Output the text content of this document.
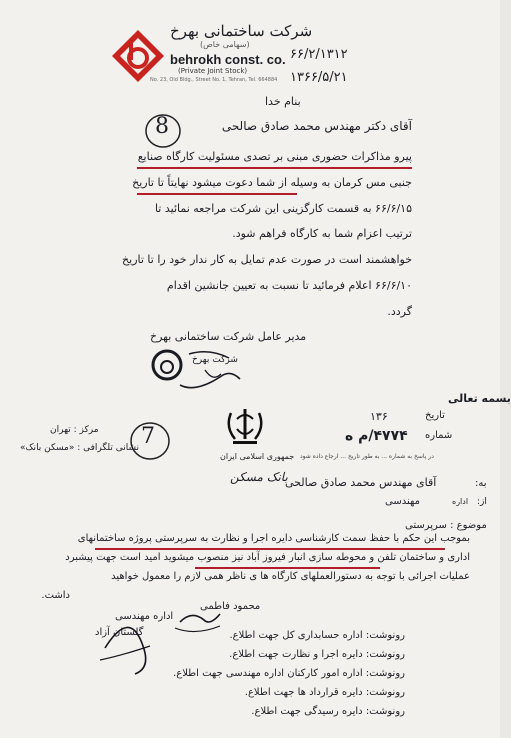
شرکت ساختمانی بهرخ
(سهامی خاص)
behrokh const. co.
(Private Joint Stock)
No. 23, Old Bldg., Street No. 1, Tehran, Tel. 664884
۶۶/۲/۱۳۱۲
۱۳۶۶/۵/۲۱
بنام خدا
8	آقای دکتر مهندس محمد صادق صالحی
پیرو مذاکرات حضوری مبنی بر تصدی مسئولیت کارگاه صنایع
جنبی مس کرمان به وسیله از شما دعوت میشود نهایتاً تا تاریخ
۶۶/۶/۱۵ به قسمت کارگزینی این شرکت مراجعه نمائید تا
ترتیب اعزام شما به کارگاه فراهم شود.
خواهشمند است در صورت عدم تمایل به کار ندار خود را تا تاریخ
۶۶/۶/۱۰ اعلام فرمائید تا نسبت به تعیین جانشین اقدام
گردد.
مدیر عامل شرکت ساختمانی بهرخ
شرکت بهرخ
بسمه تعالی
تاریخ
۱۳۶
شماره
۴۷۷۴/م ه
در پاسخ به شماره ... به طور تاریخ ... ارجاع داده شود
جمهوری اسلامی ایران
بانک مسکن
7
مرکز : تهران
نشانی تلگرافی : «مسکن بانک»
به:
آقای مهندس محمد صادق صالحی
از:
اداره
مهندسی
موضوع : سرپرستی
بموجب این حکم با حفظ سمت کارشناسی دایره اجرا و نظارت به سرپرستی پروژه ساختمانهای
اداری و ساختمان تلفن و محوطه سازی انبار فیروز آباد نیز منصوب میشوید امید است جهت پیشبرد
عملیات اجرائی با توجه به دستورالعملهای کارگاه ها ی ناظر همی لازم را معمول خواهید
داشت.
اداره مهندسی
محمود فاطمی
گلستان آزاد	رونوشت: اداره حسابداری کل جهت اطلاع.
رونوشت: دایره اجرا و نظارت جهت اطلاع.
رونوشت: اداره امور کارکنان اداره مهندسی جهت اطلاع.
رونوشت: دایره قرارداد ها جهت اطلاع.
رونوشت: دایره رسیدگی جهت اطلاع.
